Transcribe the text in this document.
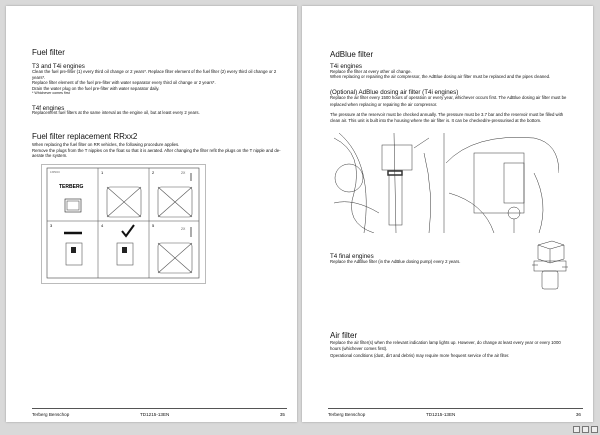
Fuel filter
T3 and T4i engines
Clean the fuel pre-filter (1) every third oil change or 2 years*. Replace filter element of the fuel filter (2) every third oil change or 2 years*.
Replace filter element of the fuel pre-filter with water separator every third oil change or 2 years*.
Drain the water plug on the fuel pre-filter with water separator daily.
* Whichever comes first
T4f engines
Replacement fuel filters at the same interval as the engine oil, but at least every 2 years.
Fuel filter replacement RRxx2
When replacing the fuel filter on RR vehicles, the following procedure applies.
Remove the plugs from the T nipples on the float so that it is aerated. After changing the filter refit the plugs on the T nipple and de-aerate the system.
TERBERG
1305016	1	2
3	4	5
2X
2X
Terberg Benschop	TD1215-13EN	35
AdBlue filter
T4i engines
Replace the filter at every other oil change.
When replacing or repairing the air compressor, the AdBlue dosing air filter must be replaced and the pipes cleaned.
(Optional) AdBlue dosing air filter (T4i engines)
Replace the air filter every 1500 hours of operation or every year, whichever occurs first. The AdBlue dosing air filter must be replaced when replacing or repairing the air compressor.
The pressure at the reservoir must be checked annually. The pressure must be 3.7 bar and the reservoir must be filled with clean air. This unit is built into the housing where the air filter is. It can be checked/re-pressurised at the bottom.
T4 final engines
Replace the AdBlue filter (in the AdBlue dosing pump) every 2 years.
Air filter
Replace the air filter(s) when the relevant indication lamp lights up. However, do change at least every year or every 1000 hours (whichever comes first).
Operational conditions (dust, dirt and debris) may require more frequent service of the air filter.
Terberg Benschop	TD1215-13EN	36
